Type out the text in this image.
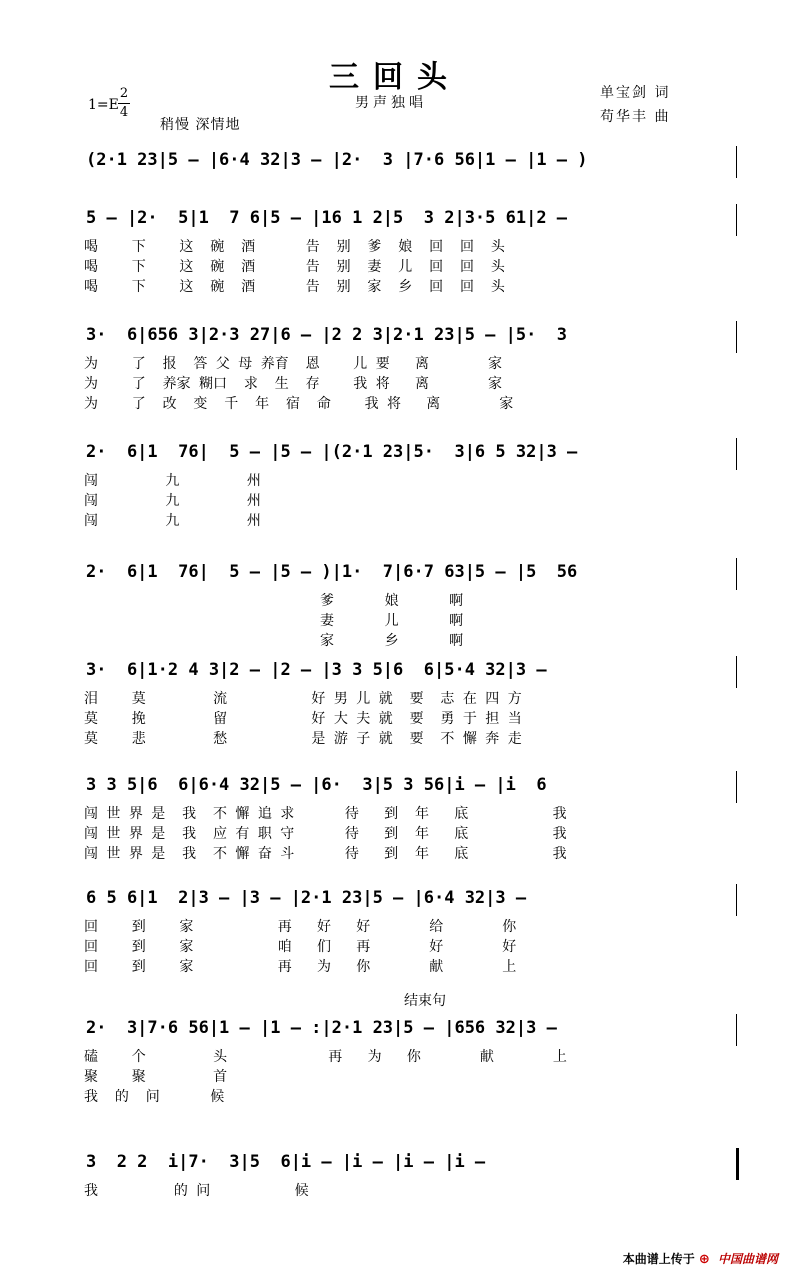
三回头
男声独唱
1=E
2
4
稍慢 深情地
单宝剑 词
苟华丰 曲
(2·1 23|5 – |6·4 32|3 – |2·  3 |7·6 56|1 – |1 – )
5 – |2·  5|1  7 6|5 – |16 1 2|5  3 2|3·5 61|2 –
喝    下    这  碗  酒      告  别  爹  娘  回  回  头
喝    下    这  碗  酒      告  别  妻  儿  回  回  头
喝    下    这  碗  酒      告  别  家  乡  回  回  头
3·  6|656 3|2·3 27|6 – |2 2 3|2·1 23|5 – |5·  3
为    了  报  答 父 母 养育  恩    儿 要   离       家
为    了  养家 糊口  求  生  存    我 将   离       家
为    了  改  变  千  年  宿  命    我 将   离       家
2·  6|1  76|  5 – |5 – |(2·1 23|5·  3|6 5 32|3 –
闯        九        州
闯        九        州
闯        九        州
2·  6|1  76|  5 – |5 – )|1·  7|6·7 63|5 – |5  56
爹      娘      啊
妻      儿      啊
家      乡      啊
3·  6|1·2 4 3|2 – |2 – |3 3 5|6  6|5·4 32|3 –
泪    莫        流          好 男 儿 就  要  志 在 四 方
莫    挽        留          好 大 夫 就  要  勇 于 担 当
莫    悲        愁          是 游 子 就  要  不 懈 奔 走
3 3 5|6  6|6·4 32|5 – |6·  3|5 3 56|i – |i  6
闯 世 界 是  我  不 懈 追 求      待   到  年   底          我
闯 世 界 是  我  应 有 职 守      待   到  年   底          我
闯 世 界 是  我  不 懈 奋 斗      待   到  年   底          我
6 5 6|1  2|3 – |3 – |2·1 23|5 – |6·4 32|3 –
回    到    家          再   好   好       给       你
回    到    家          咱   们   再       好       好
回    到    家          再   为   你       献       上
2·  3|7·6 56|1 – |1 – :|2·1 23|5 – |656 32|3 –
磕    个        头            再   为   你       献       上
聚    聚        首
我  的  问      候
3  2 2  i|7·  3|5  6|i – |i – |i – |i –
我         的 问          候
结束句
本曲谱上传于 ⊕ 中国曲谱网
